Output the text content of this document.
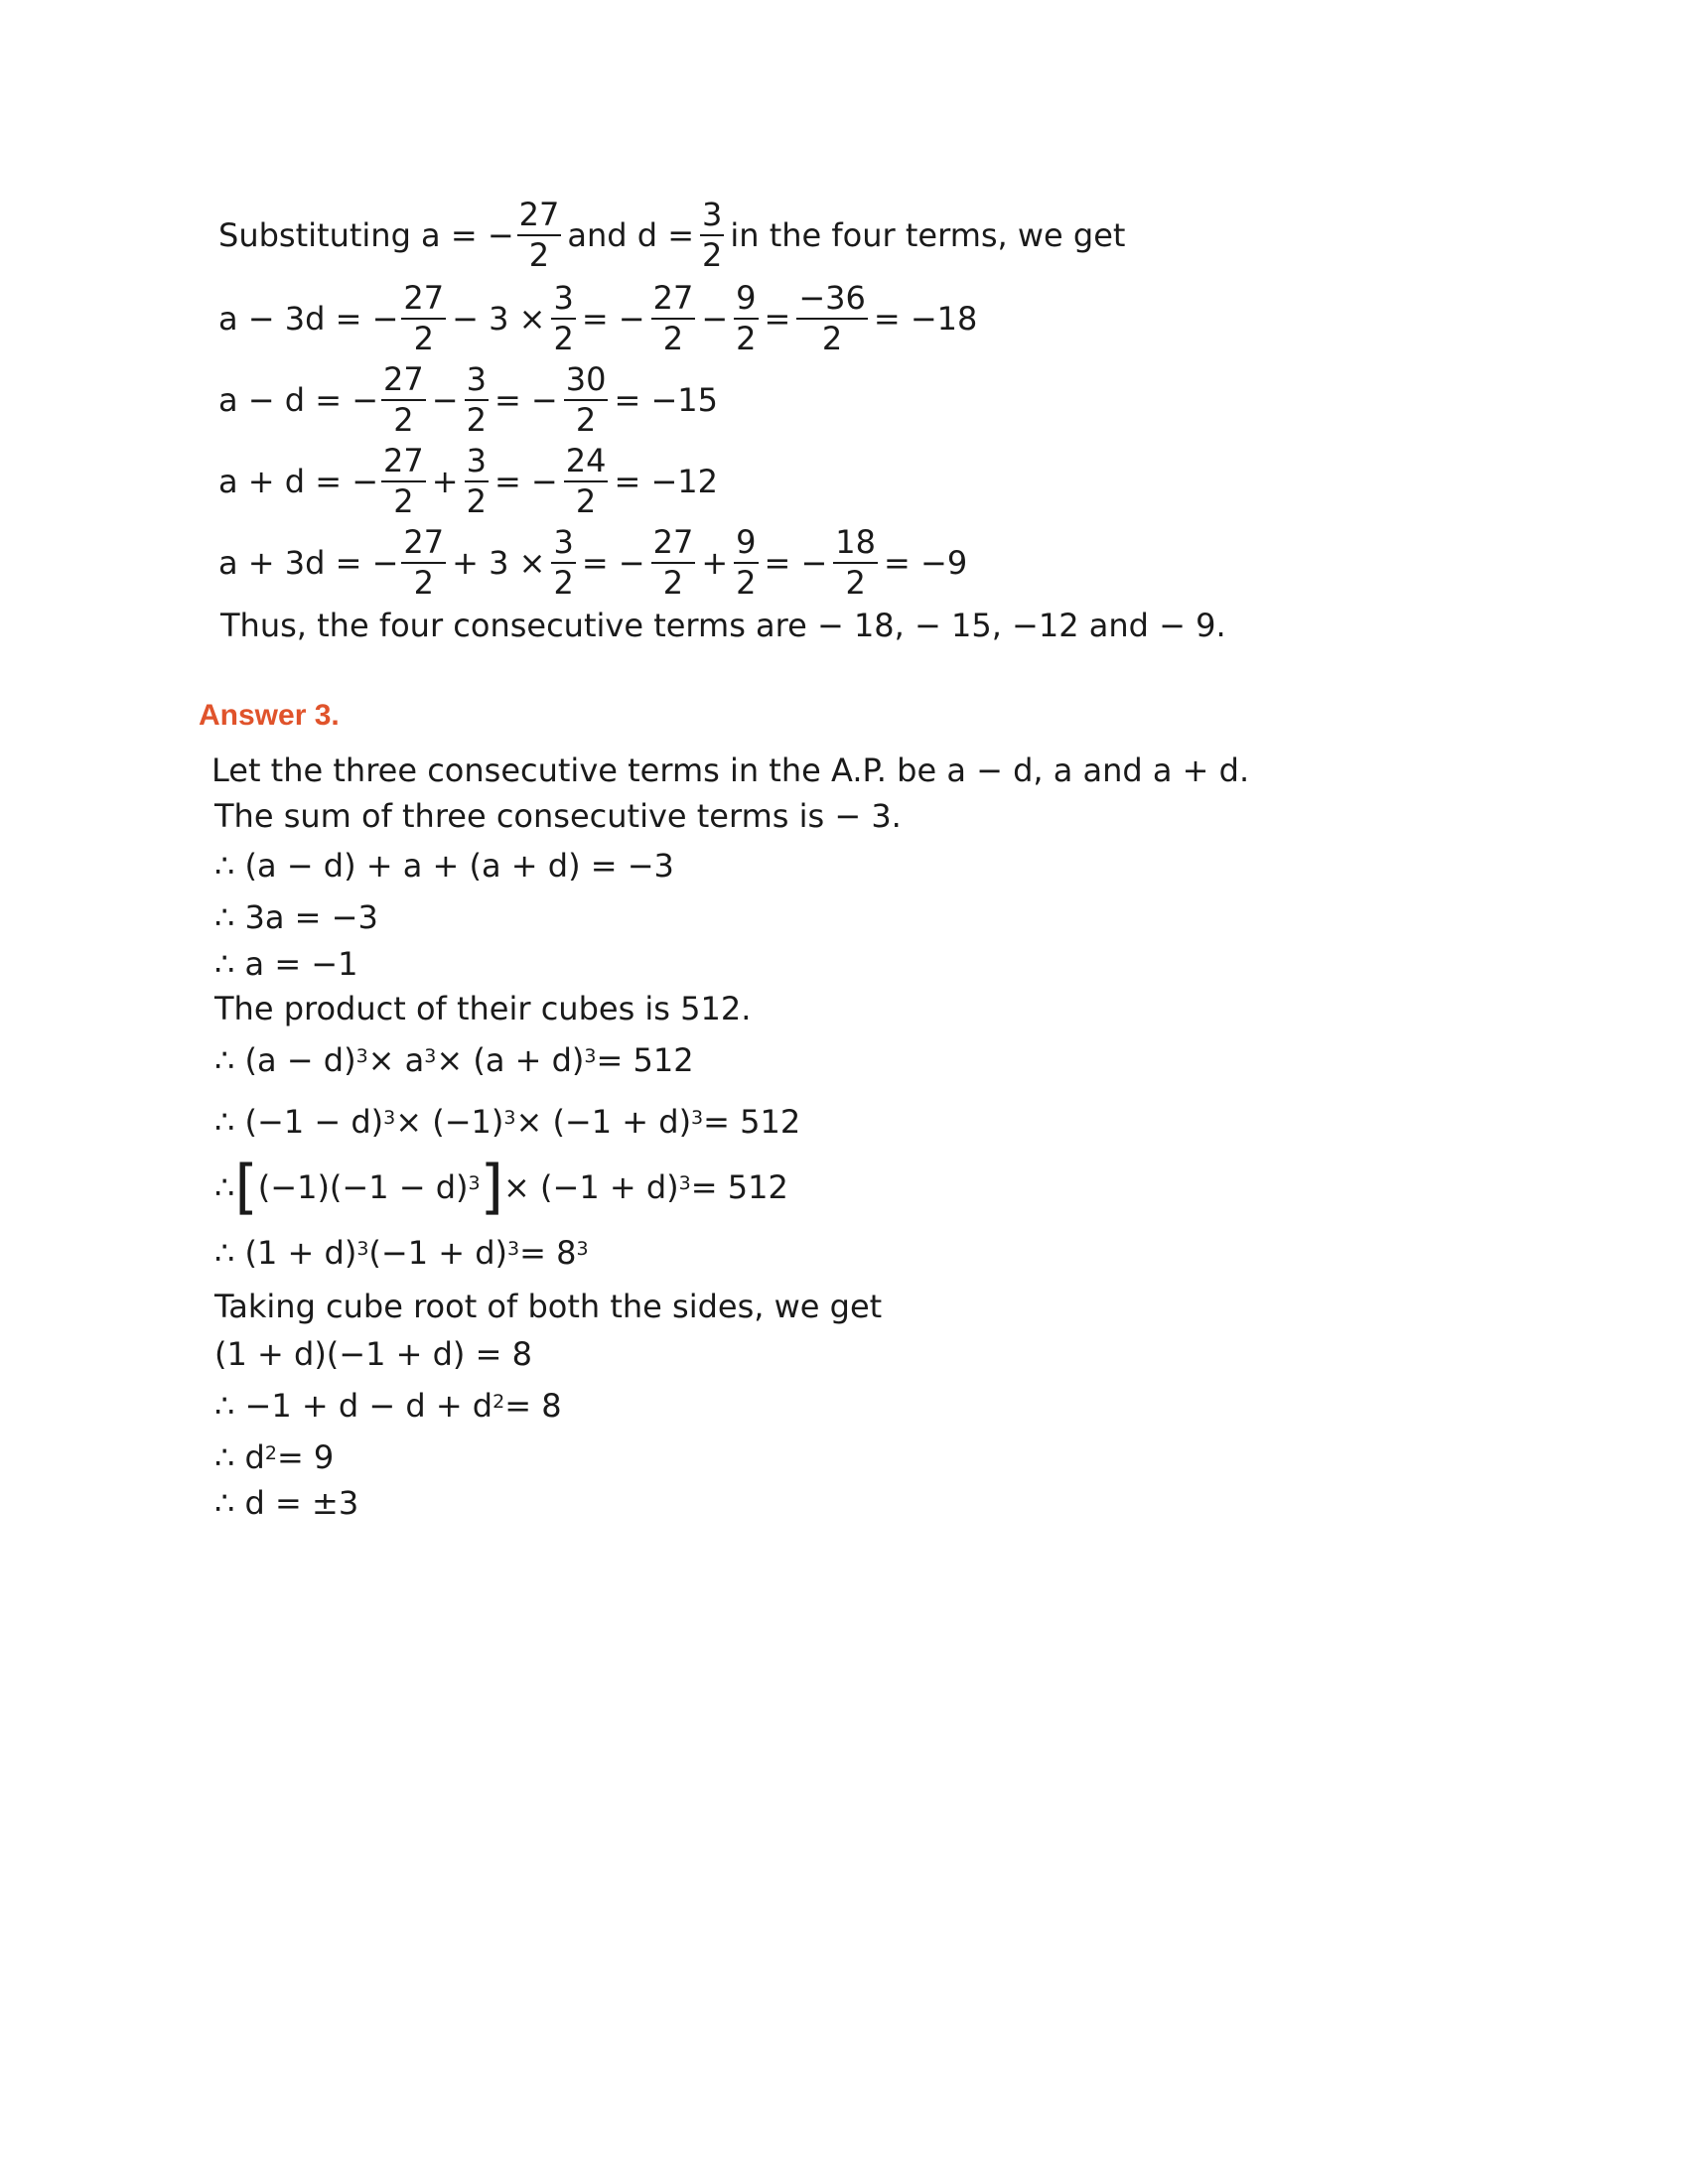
Substituting a = − $\frac{27}{2}$ and $d = \frac{3}{2}$ in the four terms, we get
a − 3d = − $\frac{27}{2} - 3 \times \frac{3}{2}$ = − $\frac{27}{2} - \frac{9}{2} = \frac{-36}{2} = -18$
a − d = − $\frac{27}{2} - \frac{3}{2}$ = − $\frac{30}{2} = -15$
a + d = − $\frac{27}{2} + \frac{3}{2}$ = − $\frac{24}{2} = -12$
a + 3d = − $\frac{27}{2} + 3 \times \frac{3}{2}$ = − $\frac{27}{2} + \frac{9}{2}$ = − $\frac{18}{2} = -9$
Thus, the four consecutive terms are − 18, − 15, −12 and − 9.
Answer 3.
Let the three consecutive terms in the A.P. be a − d, a and a + d.
The sum of three consecutive terms is − 3.
∴ (a − d) + a + (a + d) = −3
∴ 3a = −3
∴ a = −1
The product of their cubes is 512.
∴ $(a - d)^3 \times a^3 \times (a + d)^3 = 512$
∴ $(-1 - d)^3 \times (-1)^3 \times (-1 + d)^3 = 512$
∴ [ $(-1)(-1 - d)^3$ ] × $(-1 + d)^3 = 512$
∴ $(1 + d)^3$ $(-1 + d)^3 = 8^3$
Taking cube root of both the sides, we get
(1 + d)(−1 + d) = 8
∴ $-1 + d - d + d^2 = 8$
∴ $d^2 = 9$
∴ d = ±3
